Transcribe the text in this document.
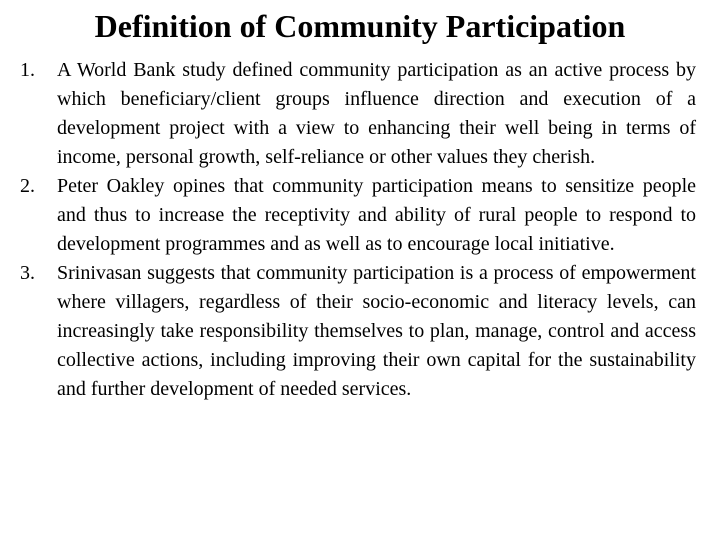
Definition of Community Participation
1. A World Bank study defined community participation as an active process by which beneficiary/client groups influence direction and execution of a development project with a view to enhancing their well being in terms of income, personal growth, self-reliance or other values they cherish.
2. Peter Oakley opines that community participation means to sensitize people and thus to increase the receptivity and ability of rural people to respond to development programmes and as well as to encourage local initiative.
3. Srinivasan suggests that community participation is a process of empowerment where villagers, regardless of their socio-economic and literacy levels, can increasingly take responsibility themselves to plan, manage, control and access collective actions, including improving their own capital for the sustainability and further development of needed services.
